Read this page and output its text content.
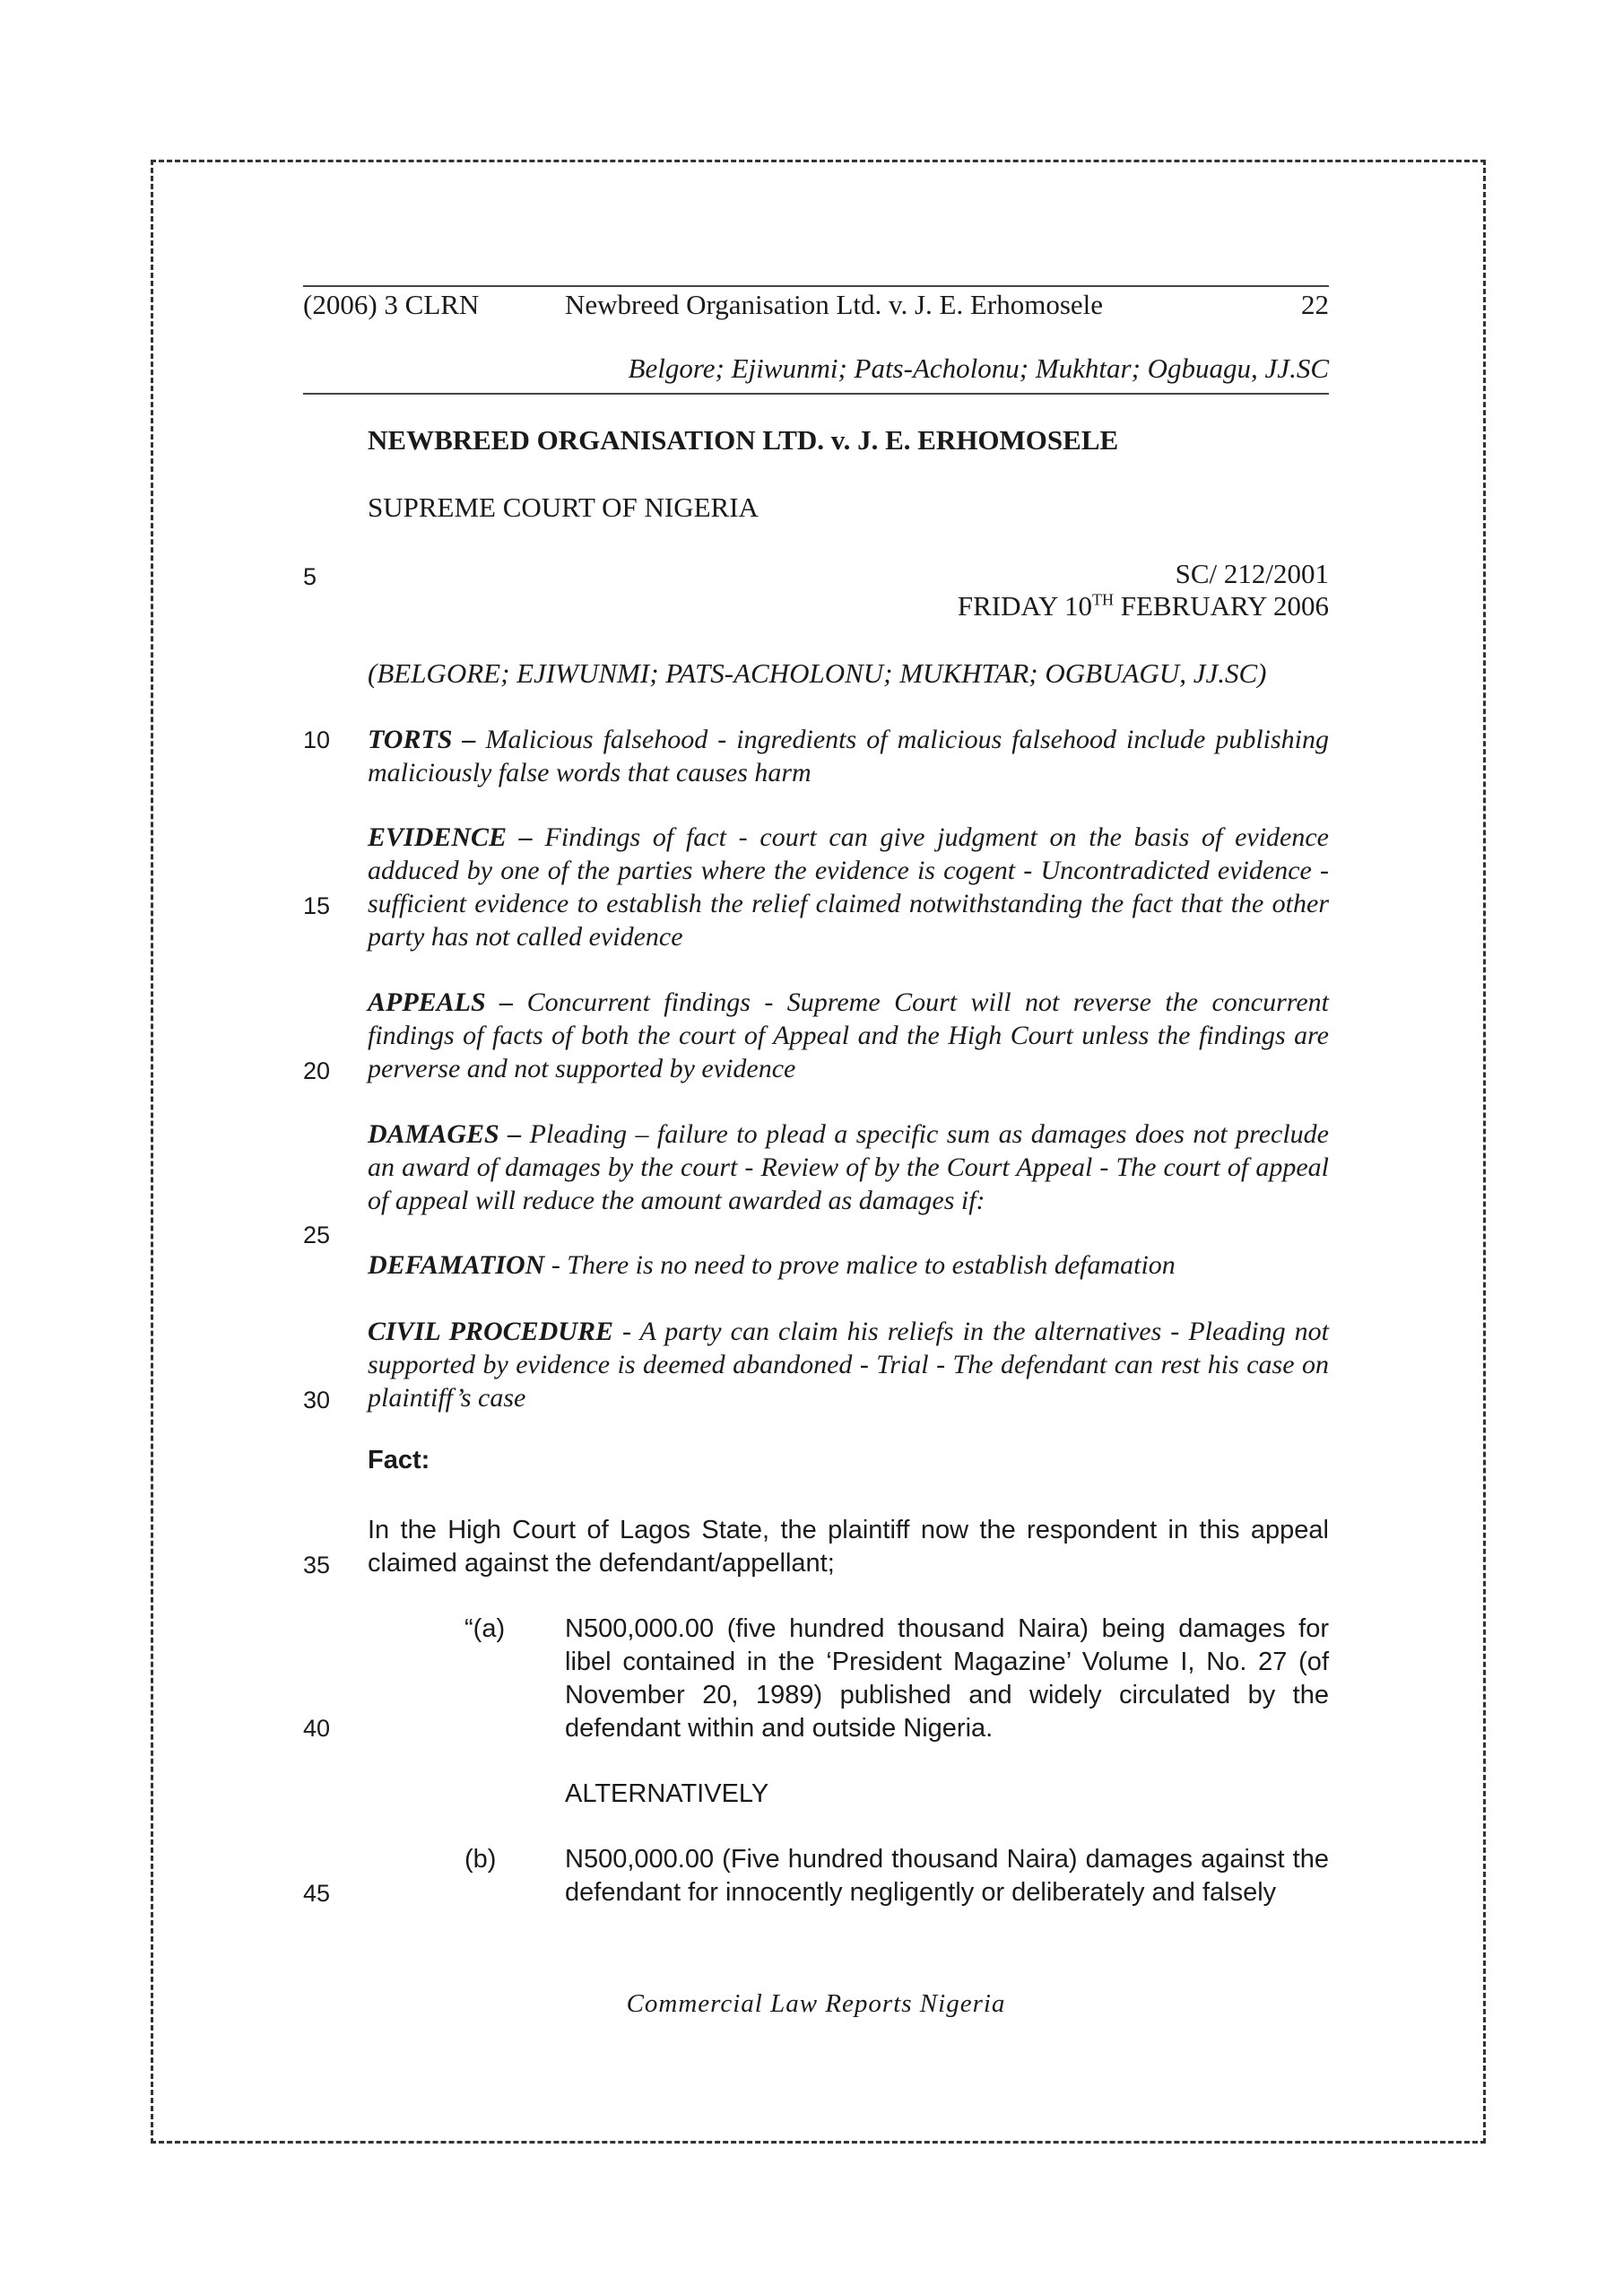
(2006) 3 CLRN	Newbreed Organisation Ltd. v. J. E. Erhomosele	22
Belgore; Ejiwunmi; Pats-Acholonu; Mukhtar; Ogbuagu, JJ.SC
NEWBREED ORGANISATION LTD. v. J. E. ERHOMOSELE
SUPREME COURT OF NIGERIA
SC/ 212/2001
FRIDAY 10TH FEBRUARY 2006
(BELGORE; EJIWUNMI; PATS-ACHOLONU; MUKHTAR; OGBUAGU, JJ.SC)
5
10
15
20
25
30
35
40
45
TORTS – Malicious falsehood - ingredients of malicious falsehood include publishing maliciously false words that causes harm
EVIDENCE – Findings of fact - court can give judgment on the basis of evidence adduced by one of the parties where the evidence is cogent - Uncontradicted evidence - sufficient evidence to establish the relief claimed notwithstanding the fact that the other party has not called evidence
APPEALS – Concurrent findings - Supreme Court will not reverse the concurrent findings of facts of both the court of Appeal and the High Court unless the findings are perverse and not supported by evidence
DAMAGES – Pleading – failure to plead a specific sum as damages does not preclude an award of damages by the court - Review of by the Court Appeal - The court of appeal of appeal will reduce the amount awarded as damages if:
DEFAMATION - There is no need to prove malice to establish defamation
CIVIL PROCEDURE - A party can claim his reliefs in the alternatives - Pleading not supported by evidence is deemed abandoned - Trial - The defendant can rest his case on plaintiff’s case
Fact:
In the High Court of Lagos State, the plaintiff now the respondent in this appeal claimed against the defendant/appellant;
“(a) N500,000.00 (five hundred thousand Naira) being damages for libel contained in the ‘President Magazine’ Volume I, No. 27 (of November 20, 1989) published and widely circulated by the defendant within and outside Nigeria.
ALTERNATIVELY
(b)	N500,000.00 (Five hundred thousand Naira) damages against the defendant for innocently negligently or deliberately and falsely
Commercial Law Reports Nigeria
